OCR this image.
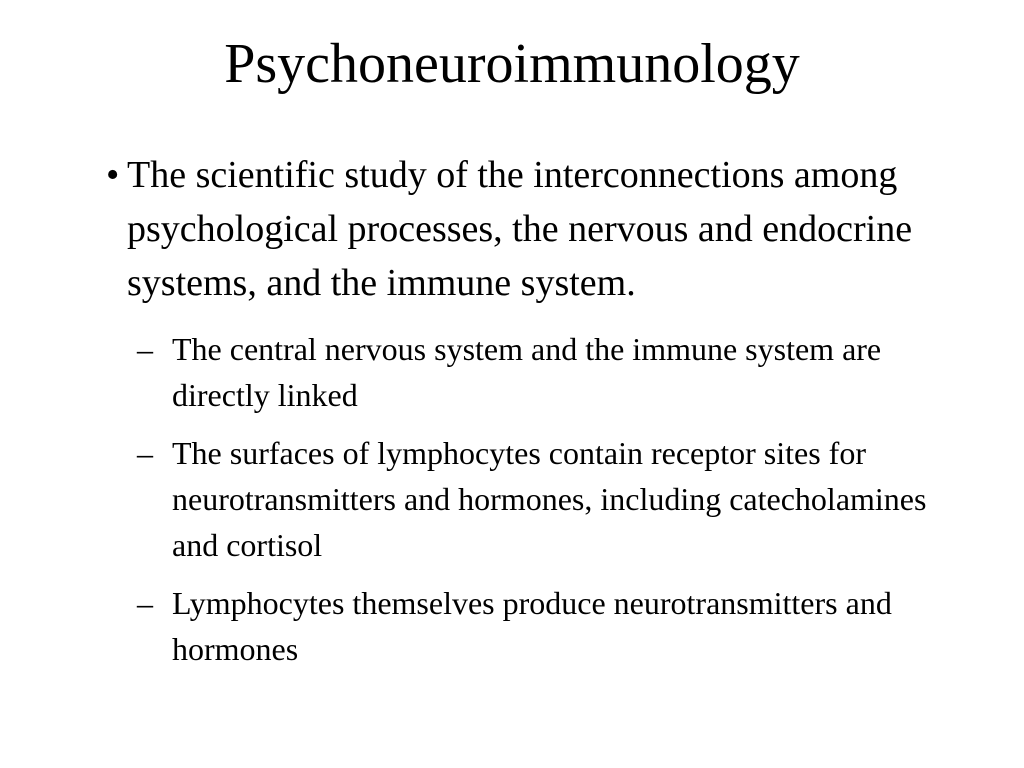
Psychoneuroimmunology
• The scientific study of the interconnections among psychological processes, the nervous and endocrine systems, and the immune system.
– The central nervous system and the immune system are directly linked
– The surfaces of lymphocytes contain receptor sites for neurotransmitters and hormones, including catecholamines and cortisol
– Lymphocytes themselves produce neurotransmitters and hormones
